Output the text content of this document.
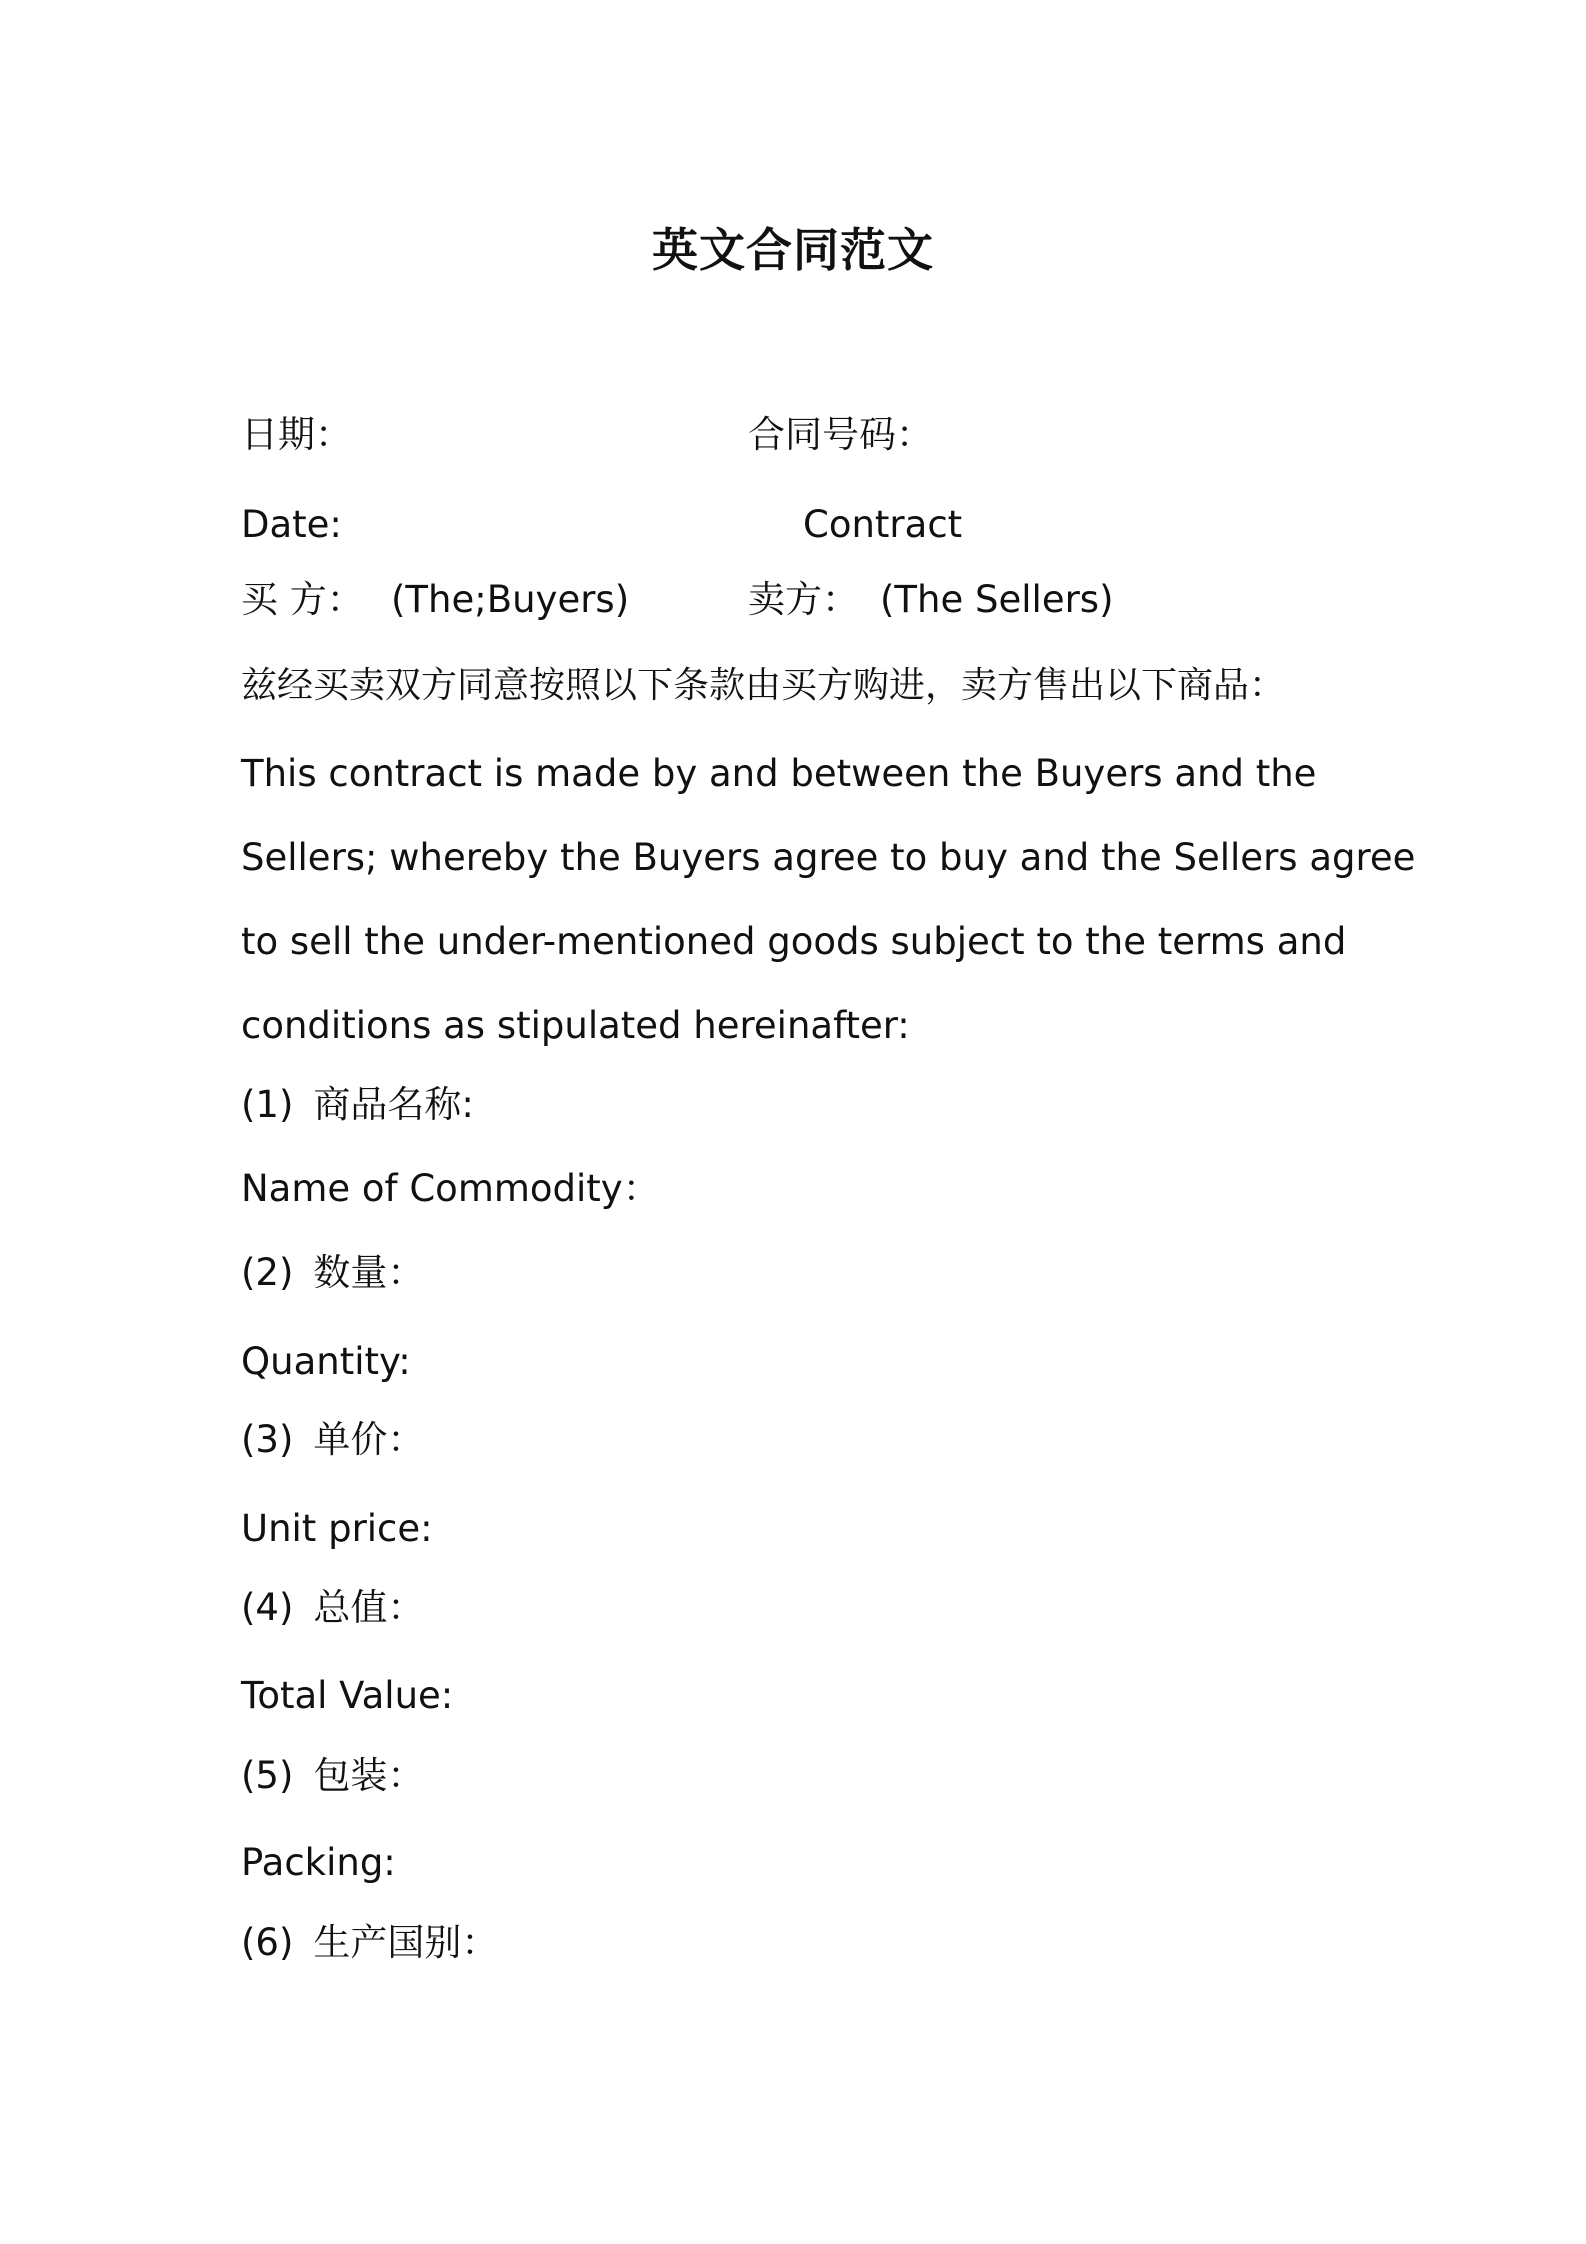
英文合同范文
日期：	合同号码：
Date:	Contract
买 方： (The;Buyers)	卖方： (The Sellers)
兹经买卖双方同意按照以下条款由买方购进，卖方售出以下商品：
This contract is made by and between the Buyers and the
Sellers; whereby the Buyers agree to buy and the Sellers agree
to sell the under-mentioned goods subject to the terms and
conditions as stipulated hereinafter:
(1) 商品名称:
Name of Commodity：
(2) 数量：
Quantity:
(3) 单价：
Unit price:
(4) 总值：
Total Value:
(5) 包装：
Packing:
(6) 生产国别：
